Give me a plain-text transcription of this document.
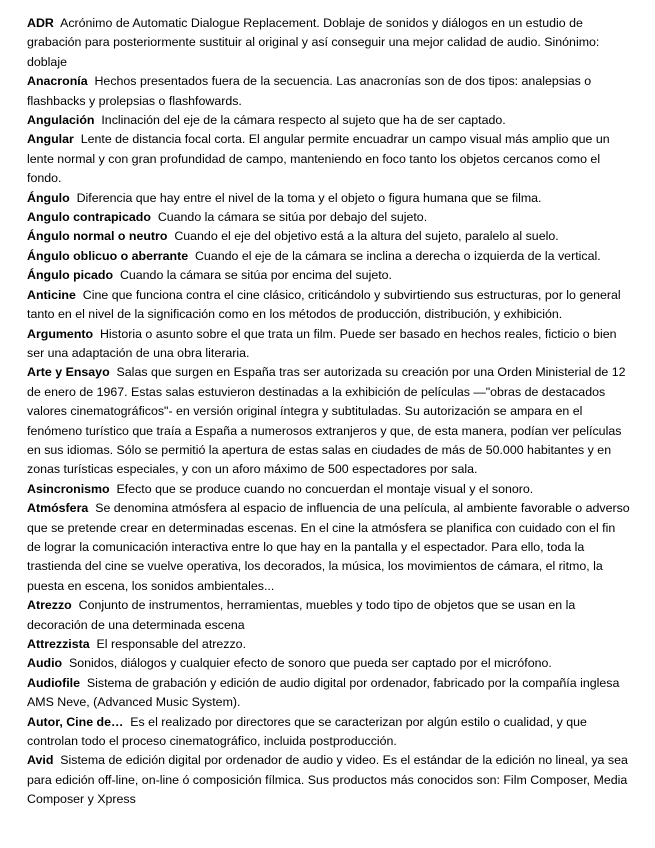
ADR Acrónimo de Automatic Dialogue Replacement. Doblaje de sonidos y diálogos en un estudio de grabación para posteriormente sustituir al original y así conseguir una mejor calidad de audio. Sinónimo: doblaje

Anacronía Hechos presentados fuera de la secuencia. Las anacronías son de dos tipos: analepsias o flashbacks y prolepsias o flashfowards.

Angulación Inclinación del eje de la cámara respecto al sujeto que ha de ser captado.

Angular Lente de distancia focal corta. El angular permite encuadrar un campo visual más amplio que un lente normal y con gran profundidad de campo, manteniendo en foco tanto los objetos cercanos como el fondo.

Ángulo Diferencia que hay entre el nivel de la toma y el objeto o figura humana que se filma.

Angulo contrapicado Cuando la cámara se sitúa por debajo del sujeto.

Ángulo normal o neutro Cuando el eje del objetivo está a la altura del sujeto, paralelo al suelo.

Ángulo oblicuo o aberrante Cuando el eje de la cámara se inclina a derecha o izquierda de la vertical.

Ángulo picado Cuando la cámara se sitúa por encima del sujeto.

Anticine Cine que funciona contra el cine clásico, criticándolo y subvirtiendo sus estructuras, por lo general tanto en el nivel de la significación como en los métodos de producción, distribución, y exhibición.

Argumento Historia o asunto sobre el que trata un film. Puede ser basado en hechos reales, ficticio o bien ser una adaptación de una obra literaria.

Arte y Ensayo Salas que surgen en España tras ser autorizada su creación por una Orden Ministerial de 12 de enero de 1967. Estas salas estuvieron destinadas a la exhibición de películas —"obras de destacados valores cinematográficos"- en versión original íntegra y subtituladas. Su autorización se ampara en el fenómeno turístico que traía a España a numerosos extranjeros y que, de esta manera, podían ver películas en sus idiomas. Sólo se permitió la apertura de estas salas en ciudades de más de 50.000 habitantes y en zonas turísticas especiales, y con un aforo máximo de 500 espectadores por sala.

Asincronismo Efecto que se produce cuando no concuerdan el montaje visual y el sonoro.

Atmósfera Se denomina atmósfera al espacio de influencia de una película, al ambiente favorable o adverso que se pretende crear en determinadas escenas. En el cine la atmósfera se planifica con cuidado con el fin de lograr la comunicación interactiva entre lo que hay en la pantalla y el espectador. Para ello, toda la trastienda del cine se vuelve operativa, los decorados, la música, los movimientos de cámara, el ritmo, la puesta en escena, los sonidos ambientales...

Atrezzo Conjunto de instrumentos, herramientas, muebles y todo tipo de objetos que se usan en la decoración de una determinada escena

Attrezzista El responsable del atrezzo.

Audio Sonidos, diálogos y cualquier efecto de sonoro que pueda ser captado por el micrófono.

Audiofile Sistema de grabación y edición de audio digital por ordenador, fabricado por la compañía inglesa AMS Neve, (Advanced Music System).

Autor, Cine de… Es el realizado por directores que se caracterizan por algún estilo o cualidad, y que controlan todo el proceso cinematográfico, incluida postproducción.

Avid Sistema de edición digital por ordenador de audio y video. Es el estándar de la edición no lineal, ya sea para edición off-line, on-line ó composición fílmica. Sus productos más conocidos son: Film Composer, Media Composer y Xpress
